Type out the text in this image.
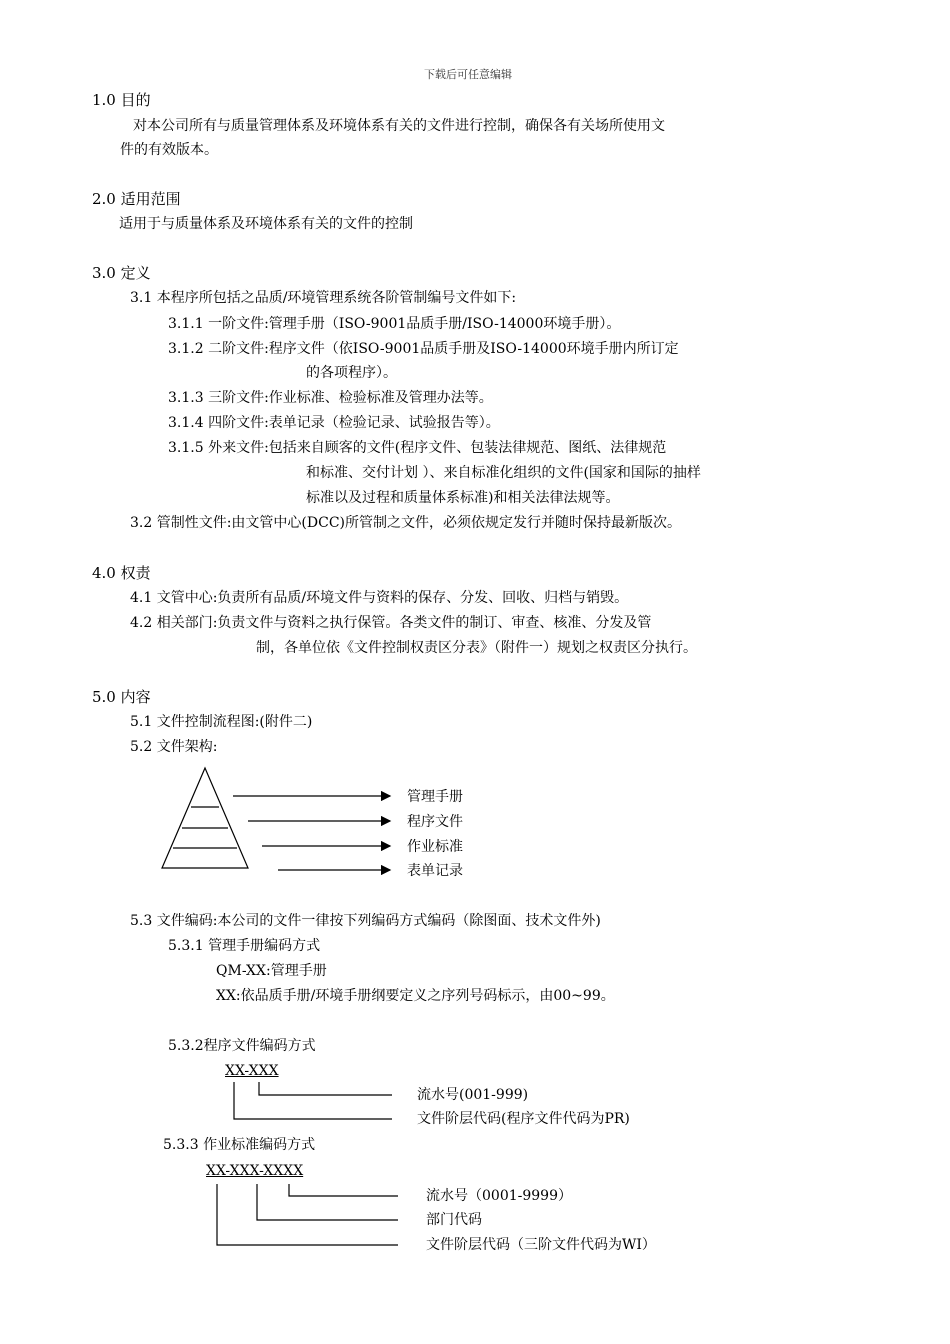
下载后可任意编辑
1.0 目的
对本公司所有与质量管理体系及环境体系有关的文件进行控制，确保各有关场所使用文
件的有效版本。
2.0 适用范围
适用于与质量体系及环境体系有关的文件的控制
3.0 定义
3.1 本程序所包括之品质/环境管理系统各阶管制编号文件如下:
3.1.1 一阶文件:管理手册（ISO-9001品质手册/ISO-14000环境手册）。
3.1.2 二阶文件:程序文件（依ISO-9001品质手册及ISO-14000环境手册内所订定
的各项程序）。
3.1.3 三阶文件:作业标准、检验标准及管理办法等。
3.1.4 四阶文件:表单记录（检验记录、试验报告等）。
3.1.5 外来文件:包括来自顾客的文件(程序文件、包装法律规范、图纸、法律规范
和标准、交付计划 ）、来自标准化组织的文件(国家和国际的抽样
标准以及过程和质量体系标准)和相关法律法规等。
3.2 管制性文件:由文管中心(DCC)所管制之文件，必须依规定发行并随时保持最新版次。
4.0 权责
4.1 文管中心:负责所有品质/环境文件与资料的保存、分发、回收、归档与销毁。
4.2 相关部门:负责文件与资料之执行保管。各类文件的制订、审查、核准、分发及管
制，各单位依《文件控制权责区分表》（附件一）规划之权责区分执行。
5.0 内容
5.1 文件控制流程图:(附件二)
5.2 文件架构:
管理手册
程序文件
作业标准
表单记录
5.3 文件编码:本公司的文件一律按下列编码方式编码（除图面、技术文件外)
5.3.1 管理手册编码方式
QM-XX:管理手册
XX:依品质手册/环境手册纲要定义之序列号码标示，由00~99。
5.3.2程序文件编码方式
XX-XXX
流水号(001-999)
文件阶层代码(程序文件代码为PR)
5.3.3 作业标准编码方式
XX-XXX-XXXX
流水号（0001-9999）
部门代码
文件阶层代码（三阶文件代码为WI）
